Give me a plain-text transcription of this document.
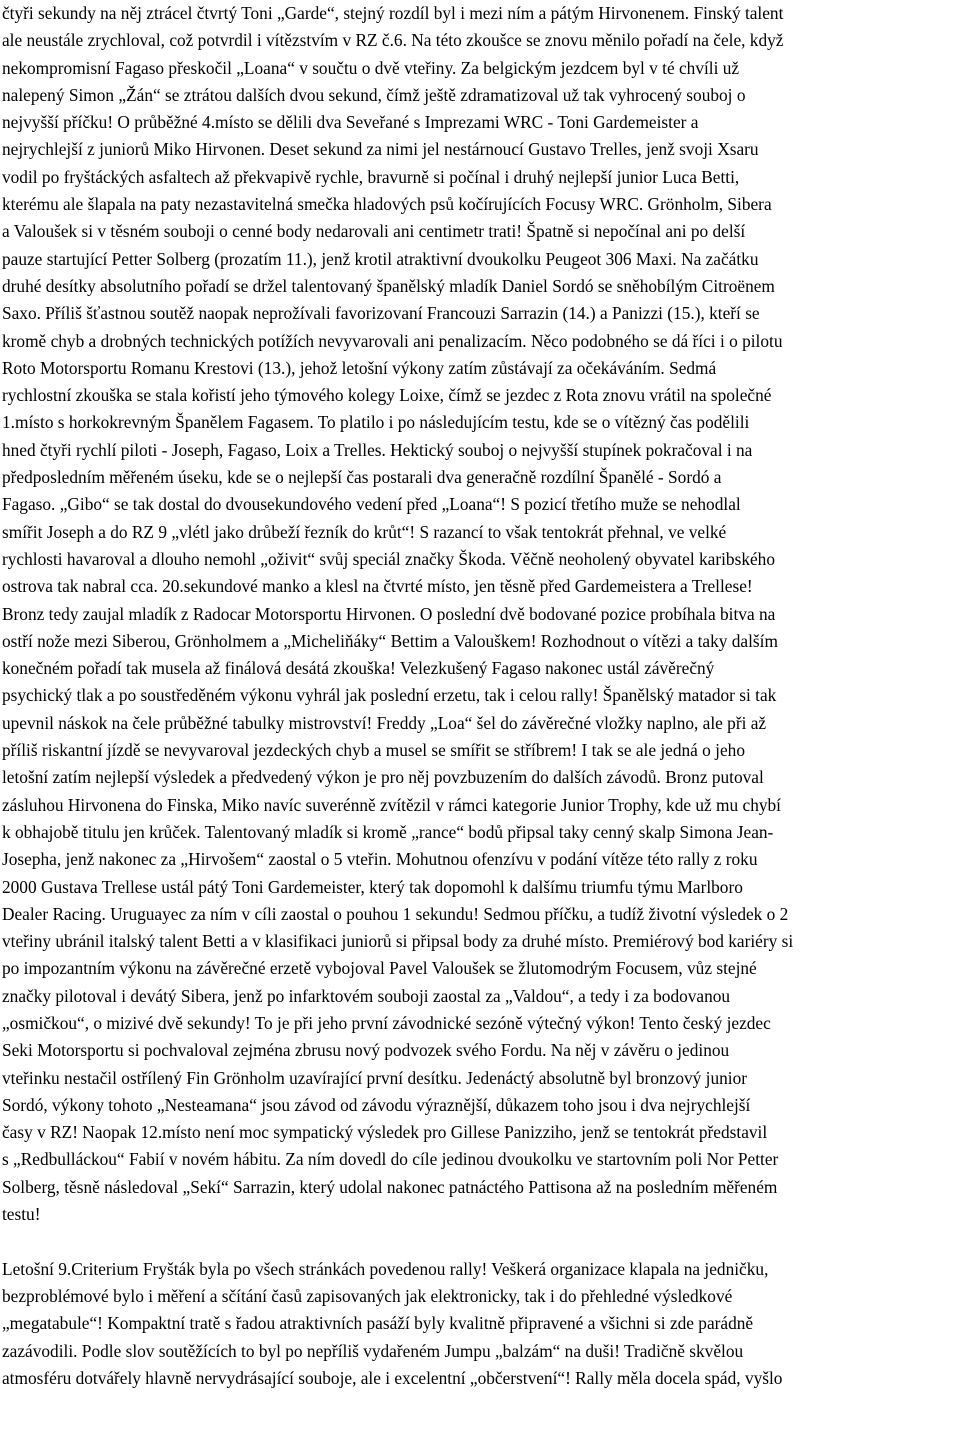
čtyři sekundy na něj ztrácel čtvrtý Toni „Garde“, stejný rozdíl byl i mezi ním a pátým Hirvonenem. Finský talent
ale neustále zrychloval, což potvrdil i vítězstvím v RZ č.6. Na této zkoušce se znovu měnilo pořadí na čele, když
nekompromisní Fagaso přeskočil „Loana“ v součtu o dvě vteřiny. Za belgickým jezdcem byl v té chvíli už
nalepený Simon „Žán“ se ztrátou dalších dvou sekund, čímž ještě zdramatizoval už tak vyhrocený souboj o
nejvyšší příčku! O průběžné 4.místo se dělili dva Seveřané s Imprezami WRC - Toni Gardemeister a
nejrychlejší z juniorů Miko Hirvonen. Deset sekund za nimi jel nestárnoucí Gustavo Trelles, jenž svoji Xsaru
vodil po fryštáckých asfaltech až překvapivě rychle, bravurně si počínal i druhý nejlepší junior Luca Betti,
kterému ale šlapala na paty nezastavitelná smečka hladových psů kočírujících Focusy WRC. Grönholm, Sibera
a Valoušek si v těsném souboji o cenné body nedarovali ani centimetr trati! Špatně si nepočínal ani po delší
pauze startující Petter Solberg (prozatím 11.), jenž krotil atraktivní dvoukolku Peugeot 306 Maxi. Na začátku
druhé desítky absolutního pořadí se držel talentovaný španělský mladík Daniel Sordó se sněhobílým Citroënem
Saxo. Příliš šťastnou soutěž naopak neprožívali favorizovaní Francouzi Sarrazin (14.) a Panizzi (15.), kteří se
kromě chyb a drobných technických potížích nevyvarovali ani penalizacím. Něco podobného se dá říci i o pilotu
Roto Motorsportu Romanu Krestovi (13.), jehož letošní výkony zatím zůstávají za očekáváním. Sedmá
rychlostní zkouška se stala kořistí jeho týmového kolegy Loixe, čímž se jezdec z Rota znovu vrátil na společné
1.místo s horkokrevným Španělem Fagasem. To platilo i po následujícím testu, kde se o vítězný čas podělili
hned čtyři rychlí piloti - Joseph, Fagaso, Loix a Trelles. Hektický souboj o nejvyšší stupínek pokračoval i na
předposledním měřeném úseku, kde se o nejlepší čas postarali dva generačně rozdílní Španělé - Sordó a
Fagaso. „Gibo“ se tak dostal do dvousekundového vedení před „Loana“! S pozicí třetího muže se nehodlal
smířit Joseph a do RZ 9 „vlétl jako drůbeží řezník do krůt“! S razancí to však tentokrát přehnal, ve velké
rychlosti havaroval a dlouho nemohl „oživit“ svůj speciál značky Škoda. Věčně neoholený obyvatel karibského
ostrova tak nabral cca. 20.sekundové manko a klesl na čtvrté místo, jen těsně před Gardemeistera a Trellese!
Bronz tedy zaujal mladík z Radocar Motorsportu Hirvonen. O poslední dvě bodované pozice probíhala bitva na
ostří nože mezi Siberou, Grönholmem a „Micheliňáky“ Bettim a Valouškem! Rozhodnout o vítězi a taky dalším
konečném pořadí tak musela až finálová desátá zkouška! Velezkušený Fagaso nakonec ustál závěrečný
psychický tlak a po soustředěném výkonu vyhrál jak poslední erzetu, tak i celou rally! Španělský matador si tak
upevnil náskok na čele průběžné tabulky mistrovství! Freddy „Loa“ šel do závěrečné vložky naplno, ale při až
příliš riskantní jízdě se nevyvaroval jezdeckých chyb a musel se smířit se stříbrem! I tak se ale jedná o jeho
letošní zatím nejlepší výsledek a předvedený výkon je pro něj povzbuzením do dalších závodů. Bronz putoval
zásluhou Hirvonena do Finska, Miko navíc suverénně zvítězil v rámci kategorie Junior Trophy, kde už mu chybí
k obhajobě titulu jen krůček. Talentovaný mladík si kromě „rance“ bodů připsal taky cenný skalp Simona Jean-
Josepha, jenž nakonec za „Hirvošem“ zaostal o 5 vteřin. Mohutnou ofenzívu v podání vítěze této rally z roku
2000 Gustava Trellese ustál pátý Toni Gardemeister, který tak dopomohl k dalšímu triumfu týmu Marlboro
Dealer Racing. Uruguayec za ním v cíli zaostal o pouhou 1 sekundu! Sedmou příčku, a tudíž životní výsledek o 2
vteřiny ubránil italský talent Betti a v klasifikaci juniorů si připsal body za druhé místo. Premiérový bod kariéry si
po impozantním výkonu na závěrečné erzetě vybojoval Pavel Valoušek se žlutomodrým Focusem, vůz stejné
značky pilotoval i devátý Sibera, jenž po infarktovém souboji zaostal za „Valdou“, a tedy i za bodovanou
„osmičkou“, o mizivé dvě sekundy! To je při jeho první závodnické sezóně výtečný výkon! Tento český jezdec
Seki Motorsportu si pochvaloval zejména zbrusu nový podvozek svého Fordu. Na něj v závěru o jedinou
vteřinku nestačil ostřílený Fin Grönholm uzavírající první desítku. Jedenáctý absolutně byl bronzový junior
Sordó, výkony tohoto „Nesteamana“ jsou závod od závodu výraznější, důkazem toho jsou i dva nejrychlejší
časy v RZ! Naopak 12.místo není moc sympatický výsledek pro Gillese Panizziho, jenž se tentokrát představil
s „Redbulláckou“ Fabií v novém hábitu. Za ním dovedl do cíle jedinou dvoukolku ve startovním poli Nor Petter
Solberg, těsně následoval „Sekí“ Sarrazin, který udolal nakonec patnáctého Pattisona až na posledním měřeném
testu!
Letošní 9.Criterium Fryšták byla po všech stránkách povedenou rally! Veškerá organizace klapala na jedničku,
bezproblémové bylo i měření a sčítání časů zapisovaných jak elektronicky, tak i do přehledné výsledkové
„megatabule“! Kompaktní tratě s řadou atraktivních pasáží byly kvalitně připravené a všichni si zde parádně
zazávodili. Podle slov soutěžících to byl po nepříliš vydařeném Jumpu „balzám“ na duši! Tradičně skvělou
atmosféru dotvářely hlavně nervydrásající souboje, ale i excelentní „občerstvení“! Rally měla docela spád, vyšlo
